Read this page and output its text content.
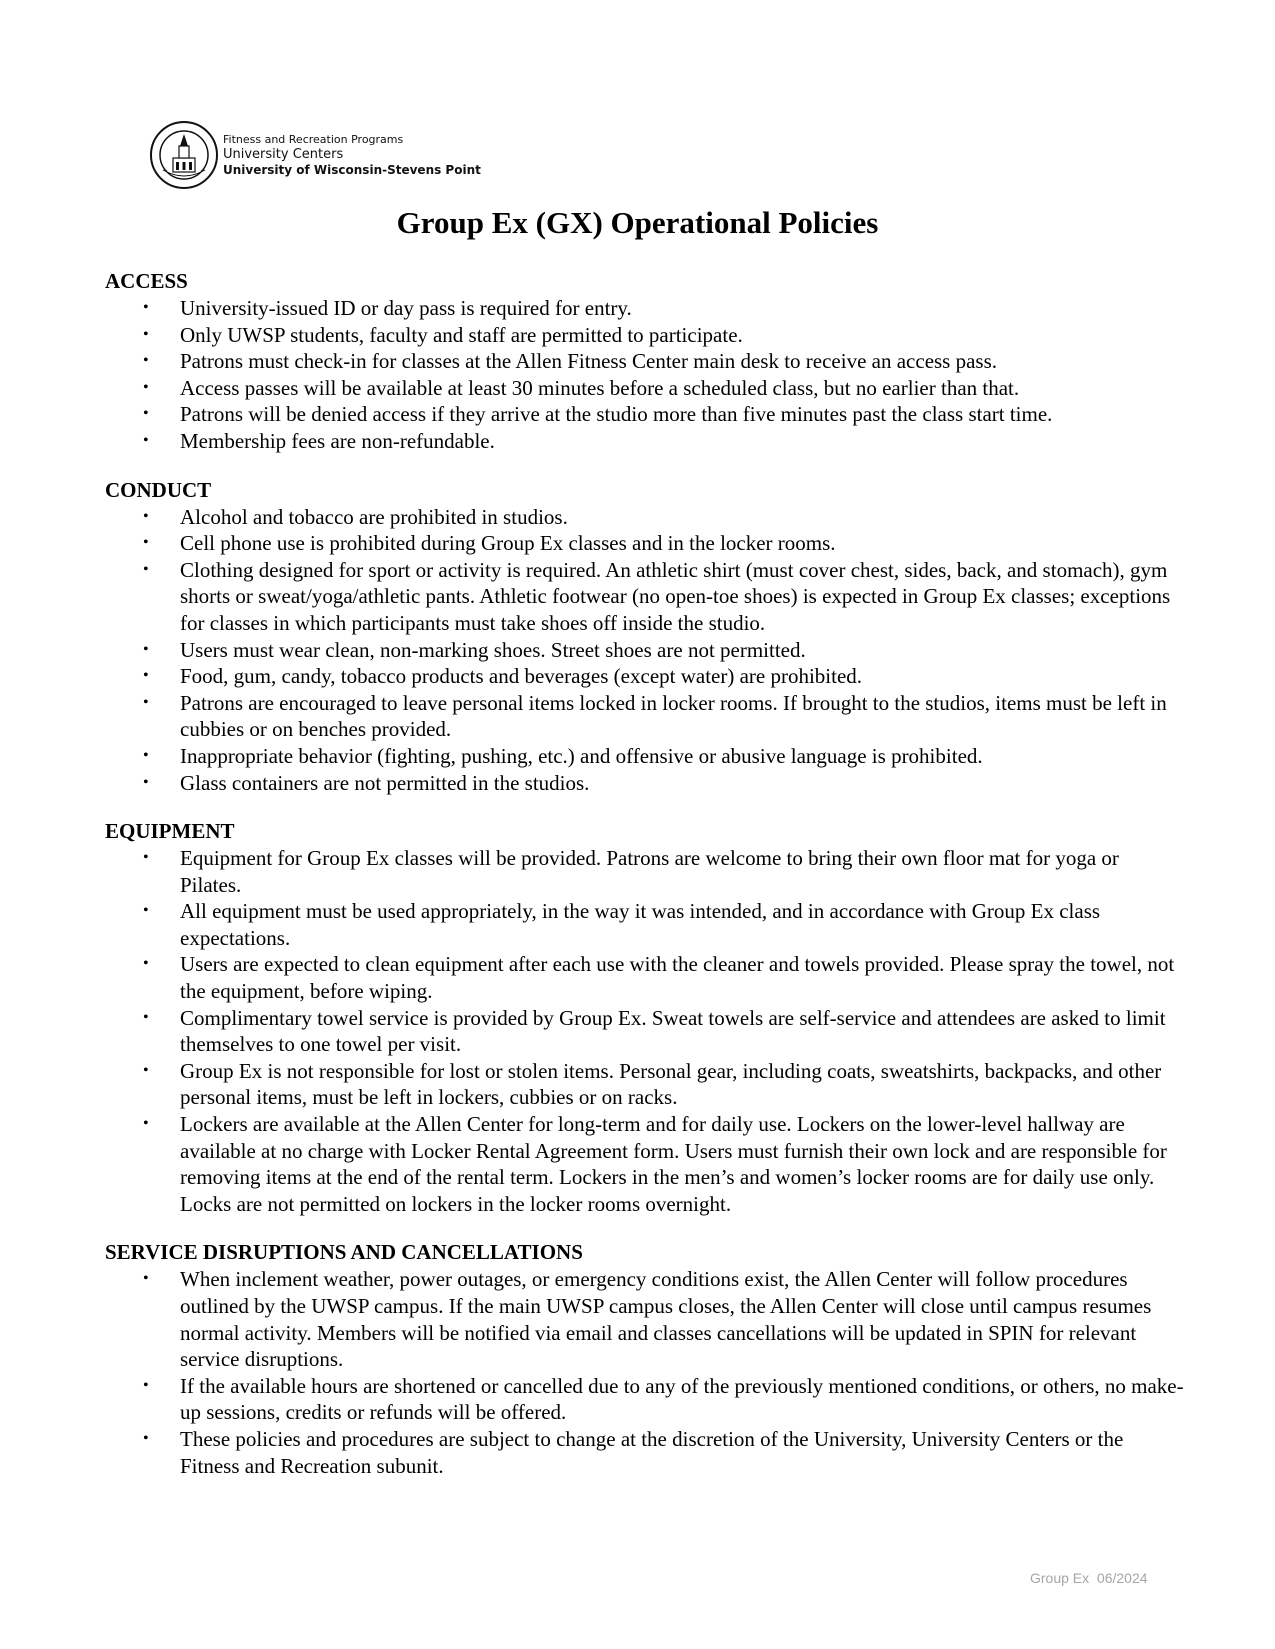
Fitness and Recreation Programs
University Centers
University of Wisconsin-Stevens Point
Group Ex (GX) Operational Policies

ACCESS

• University-issued ID or day pass is required for entry.
• Only UWSP students, faculty and staff are permitted to participate.
• Patrons must check-in for classes at the Allen Fitness Center main desk to receive an access pass.
• Access passes will be available at least 30 minutes before a scheduled class, but no earlier than that.
• Patrons will be denied access if they arrive at the studio more than five minutes past the class start time.
• Membership fees are non-refundable.

CONDUCT

• Alcohol and tobacco are prohibited in studios.
• Cell phone use is prohibited during Group Ex classes and in the locker rooms.
• Clothing designed for sport or activity is required. An athletic shirt (must cover chest, sides, back, and stomach), gym shorts or sweat/yoga/athletic pants. Athletic footwear (no open-toe shoes) is expected in Group Ex classes; exceptions for classes in which participants must take shoes off inside the studio.
• Users must wear clean, non-marking shoes. Street shoes are not permitted.
• Food, gum, candy, tobacco products and beverages (except water) are prohibited.
• Patrons are encouraged to leave personal items locked in locker rooms. If brought to the studios, items must be left in cubbies or on benches provided.
• Inappropriate behavior (fighting, pushing, etc.) and offensive or abusive language is prohibited.
• Glass containers are not permitted in the studios.

EQUIPMENT

• Equipment for Group Ex classes will be provided. Patrons are welcome to bring their own floor mat for yoga or Pilates.
• All equipment must be used appropriately, in the way it was intended, and in accordance with Group Ex class expectations.
• Users are expected to clean equipment after each use with the cleaner and towels provided. Please spray the towel, not the equipment, before wiping.
• Complimentary towel service is provided by Group Ex. Sweat towels are self-service and attendees are asked to limit themselves to one towel per visit.
• Group Ex is not responsible for lost or stolen items. Personal gear, including coats, sweatshirts, backpacks, and other personal items, must be left in lockers, cubbies or on racks.
• Lockers are available at the Allen Center for long-term and for daily use. Lockers on the lower-level hallway are available at no charge with Locker Rental Agreement form. Users must furnish their own lock and are responsible for removing items at the end of the rental term. Lockers in the men’s and women’s locker rooms are for daily use only. Locks are not permitted on lockers in the locker rooms overnight.

SERVICE DISRUPTIONS AND CANCELLATIONS

• When inclement weather, power outages, or emergency conditions exist, the Allen Center will follow procedures outlined by the UWSP campus. If the main UWSP campus closes, the Allen Center will close until campus resumes normal activity. Members will be notified via email and classes cancellations will be updated in SPIN for relevant service disruptions.
• If the available hours are shortened or cancelled due to any of the previously mentioned conditions, or others, no make-up sessions, credits or refunds will be offered.
• These policies and procedures are subject to change at the discretion of the University, University Centers or the Fitness and Recreation subunit.
Group Ex  06/2024
